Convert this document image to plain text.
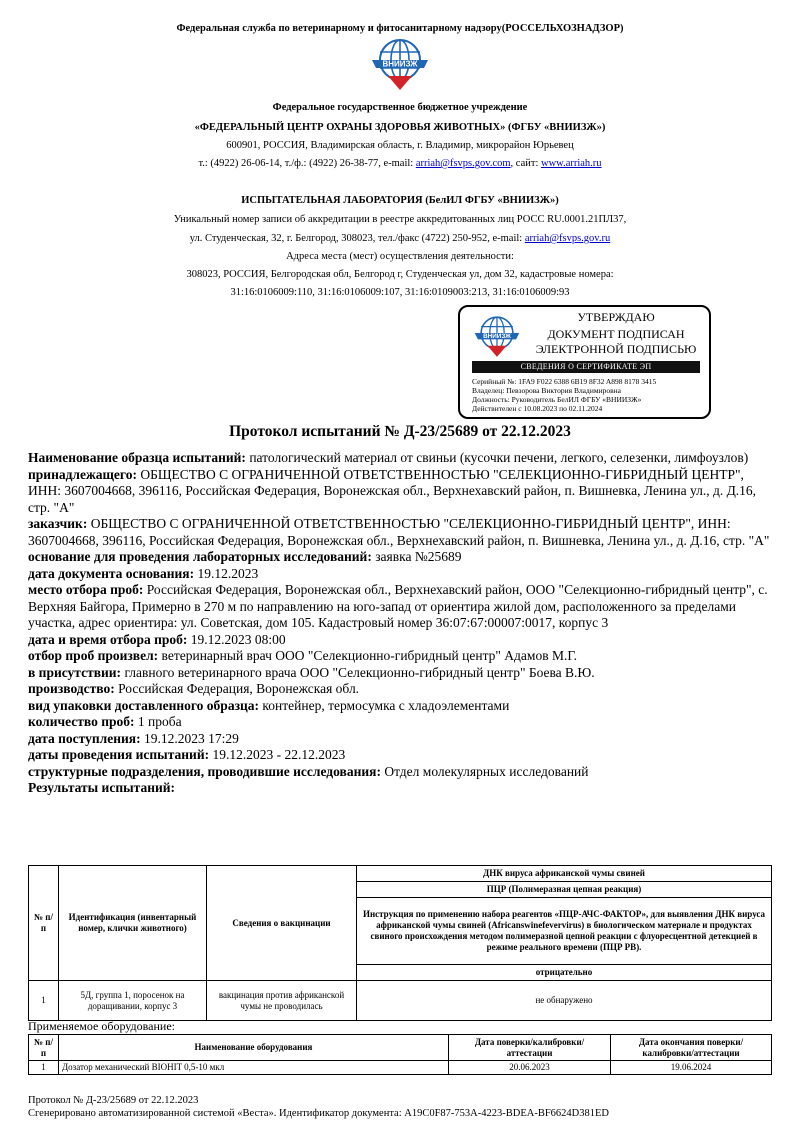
Федеральная служба по ветеринарному и фитосанитарному надзору(РОССЕЛЬХОЗНАДЗОР)
ВНИИЗЖ
Федеральное государственное бюджетное учреждение
«ФЕДЕРАЛЬНЫЙ ЦЕНТР ОХРАНЫ ЗДОРОВЬЯ ЖИВОТНЫХ» (ФГБУ «ВНИИЗЖ»)
600901, РОССИЯ, Владимирская область, г. Владимир, микрорайон Юрьевец
т.: (4922) 26-06-14, т./ф.: (4922) 26-38-77, e-mail: arriah@fsvps.gov.com, сайт: www.arriah.ru
ИСПЫТАТЕЛЬНАЯ ЛАБОРАТОРИЯ (БелИЛ ФГБУ «ВНИИЗЖ»)
Уникальный номер записи об аккредитации в реестре аккредитованных лиц РОСС RU.0001.21ПЛ37,
ул. Студенческая, 32, г. Белгород, 308023, тел./факс (4722) 250-952, e-mail: arriah@fsvps.gov.ru
Адреса места (мест) осуществления деятельности:
308023, РОССИЯ, Белгородская обл, Белгород г, Студенческая ул, дом 32, кадастровые номера:
31:16:0106009:110, 31:16:0106009:107, 31:16:0109003:213, 31:16:0106009:93
ВНИИЗЖ
УТВЕРЖДАЮ
ДОКУМЕНТ ПОДПИСАН
ЭЛЕКТРОННОЙ ПОДПИСЬЮ
СВЕДЕНИЯ О СЕРТИФИКАТЕ ЭП
Серийный №: 1FA9 F022 6388 6B19 8F32 A898 8178 3415
Владелец: Певзорова Виктория Владимировна
Должность: Руководитель БелИЛ ФГБУ «ВНИИЗЖ»
Действителен с 10.08.2023 по 02.11.2024
Протокол испытаний № Д-23/25689 от 22.12.2023

Наименование образца испытаний: патологический материал от свиньи (кусочки печени, легкого, селезенки, лимфоузлов)

принадлежащего: ОБЩЕСТВО С ОГРАНИЧЕННОЙ ОТВЕТСТВЕННОСТЬЮ "СЕЛЕКЦИОННО-ГИБРИДНЫЙ ЦЕНТР", ИНН: 3607004668, 396116, Российская Федерация, Воронежская обл., Верхнехавский район, п. Вишневка, Ленина ул., д. Д.16, стр. "А"

заказчик: ОБЩЕСТВО С ОГРАНИЧЕННОЙ ОТВЕТСТВЕННОСТЬЮ "СЕЛЕКЦИОННО-ГИБРИДНЫЙ ЦЕНТР", ИНН: 3607004668, 396116, Российская Федерация, Воронежская обл., Верхнехавский район, п. Вишневка, Ленина ул., д. Д.16, стр. "А"

основание для проведения лабораторных исследований: заявка №25689

дата документа основания: 19.12.2023

место отбора проб: Российская Федерация, Воронежская обл., Верхнехавский район, ООО "Селекционно-гибридный центр", с. Верхняя Байгора, Примерно в 270 м по направлению на юго-запад от ориентира жилой дом, расположенного за пределами участка, адрес ориентира: ул. Советская, дом 105. Кадастровый номер 36:07:67:00007:0017, корпус 3

дата и время отбора проб: 19.12.2023 08:00

отбор проб произвел: ветеринарный врач ООО "Селекционно-гибридный центр" Адамов М.Г.

в присутствии: главного ветеринарного врача ООО "Селекционно-гибридный центр" Боева В.Ю.

производство: Российская Федерация, Воронежская обл.

вид упаковки доставленного образца: контейнер, термосумка с хладоэлементами

количество проб: 1 проба

дата поступления: 19.12.2023 17:29

даты проведения испытаний: 19.12.2023 - 22.12.2023

структурные подразделения, проводившие исследования: Отдел молекулярных исследований

Результаты испытаний:

№ п/п	Идентификация (инвентарный номер, клички животного)	Сведения о вакцинации	ДНК вируса африканской чумы свиней
			ПЦР (Полимеразная цепная реакция)
			Инструкция по применению набора реагентов «ПЦР-АЧС-ФАКТОР», для выявления ДНК вируса африканской чумы свиней (Africanswinefevervirus) в биологическом материале и продуктах свиного происхождения методом полимеразной цепной реакции с флуоресцентной детекцией в режиме реального времени (ПЦР РВ).
			отрицательно
1	5Д, группа 1, поросенок на доращивании, корпус 3	вакцинация против африканской чумы не проводилась	не обнаружено
Применяемое оборудование:
№ п/п	Наименование оборудования	Дата поверки/калибровки/аттестации	Дата окончания поверки/калибровки/аттестации
1	Дозатор механический BIOHIT 0,5-10 мкл	20.06.2023	19.06.2024
Протокол № Д-23/25689 от 22.12.2023
Сгенерировано автоматизированной системой «Веста». Идентификатор документа: A19C0F87-753A-4223-BDEA-BF6624D381ED
